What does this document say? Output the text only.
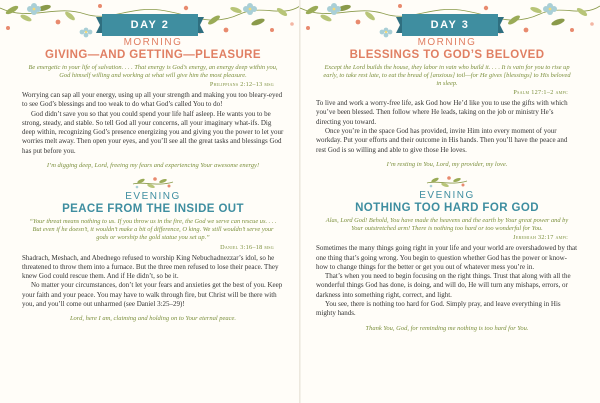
DAY 2
MORNING
GIVING—AND GETTING—PLEASURE
Be energetic in your life of salvation. . . . That energy is God’s energy, an energy deep within you, God himself willing and working at what will give him the most pleasure.
Philippians 2:12–13 msg

Worrying can sap all your energy, using up all your strength and making you too bleary-eyed to see God’s blessings and too weak to do what God’s called You to do!

God didn’t save you so that you could spend your life half asleep. He wants you to be strong, steady, and stable. So tell God all your concerns, all your imaginary what-ifs. Dig deep within, recognizing God’s presence energizing you and giving you the power to let your worries melt away. Then open your eyes, and you’ll see all the great tasks and blessings God has put before you.

I’m digging deep, Lord, freeing my fears and experiencing Your awesome energy!
EVENING
PEACE FROM THE INSIDE OUT
“Your threat means nothing to us. If you throw us in the fire, the God we serve can rescue us. . . . But even if he doesn’t, it wouldn’t make a bit of difference, O king. We still wouldn’t serve your gods or worship the gold statue you set up.”
Daniel 3:16–18 msg

Shadrach, Meshach, and Abednego refused to worship King Nebuchadnezzar’s idol, so he threatened to throw them into a furnace. But the three men refused to lose their peace. They knew God could rescue them. And if He didn’t, so be it.

No matter your circumstances, don’t let your fears and anxieties get the best of you. Keep your faith and your peace. You may have to walk through fire, but Christ will be there with you, and you’ll come out unharmed (see Daniel 3:25–29)!

Lord, here I am, claiming and holding on to Your eternal peace.
DAY 3
MORNING
BLESSINGS TO GOD’S BELOVED
Except the Lord builds the house, they labor in vain who build it. . . . It is vain for you to rise up early, to take rest late, to eat the bread of [anxious] toil—for He gives [blessings] to His beloved in sleep.
Psalm 127:1–2 ampc

To live and work a worry-free life, ask God how He’d like you to use the gifts with which you’ve been blessed. Then follow where He leads, taking on the job or ministry He’s directing you toward.

Once you’re in the space God has provided, invite Him into every moment of your workday. Put your efforts and their outcome in His hands. Then you’ll have the peace and rest God is so willing and able to give those He loves.

I’m resting in You, Lord, my provider, my love.
EVENING
NOTHING TOO HARD FOR GOD
Alas, Lord God! Behold, You have made the heavens and the earth by Your great power and by Your outstretched arm! There is nothing too hard or too wonderful for You.
Jeremiah 32:17 ampc

Sometimes the many things going right in your life and your world are overshadowed by that one thing that’s going wrong. You begin to question whether God has the power or know-how to change things for the better or get you out of whatever mess you’re in.

That’s when you need to begin focusing on the right things. Trust that along with all the wonderful things God has done, is doing, and will do, He will turn any mishaps, errors, or darkness into something right, correct, and light.

You see, there is nothing too hard for God. Simply pray, and leave everything in His mighty hands.

Thank You, God, for reminding me nothing is too hard for You.
